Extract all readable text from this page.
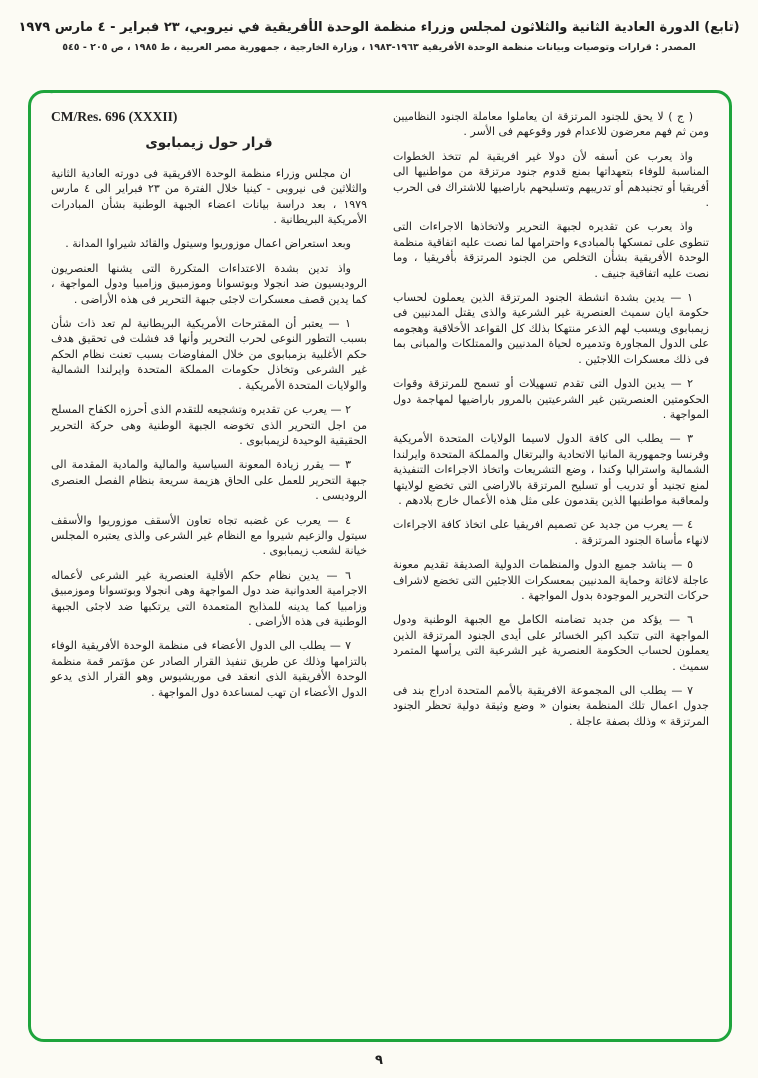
(تابع) الدورة العادية الثانية والثلاثون لمجلس وزراء منظمة الوحدة الأفريقية في نيروبي، ٢٣ فبراير - ٤ مارس ١٩٧٩
المصدر : قرارات وتوصيات وبيانات منظمة الوحدة الأفريقية ١٩٦٣-١٩٨٣ ، وزارة الخارجية ، جمهورية مصر العربية ، ط ١٩٨٥ ، ص ٢٠٥ - ٥٤٥

( ج ) لا يحق للجنود المرتزقة ان يعاملوا معاملة الجنود النظاميين ومن ثم فهم معرضون للاعدام فور وقوعهم فى الأسر .

واذ يعرب عن أسفه لأن دولا غير افريقية لم تتخذ الخطوات المناسبة للوفاء بتعهداتها بمنع قدوم جنود مرتزقة من مواطنيها الى أفريقيا أو تجنيدهم أو تدريبهم وتسليحهم باراضيها للاشتراك فى الحرب .

واذ يعرب عن تقديره لجبهة التحرير ولاتخاذها الاجراءات التى تنطوى على تمسكها بالمبادىء واحترامها لما نصت عليه اتفاقية منظمة الوحدة الأفريقية بشأن التخلص من الجنود المرتزقة بأفريقيا ، وما نصت عليه اتفاقية جنيف .

١ — يدين بشدة انشطة الجنود المرتزقة الذين يعملون لحساب حكومة ايان سميث العنصرية غير الشرعية والذى يقتل المدنيين فى زيمبابوى ويسبب لهم الذعر منتهكا بذلك كل القواعد الأخلاقية وهجومه على الدول المجاورة وتدميره لحياة المدنيين والممتلكات والمبانى بما فى ذلك معسكرات اللاجئين .

٢ — يدين الدول التى تقدم تسهيلات أو تسمح للمرتزقة وقوات الحكومتين العنصريتين غير الشرعيتين بالمرور باراضيها لمهاجمة دول المواجهة .

٣ — يطلب الى كافة الدول لاسيما الولايات المتحدة الأمريكية وفرنسا وجمهورية المانيا الاتحادية والبرتغال والمملكة المتحدة وايرلندا الشمالية واستراليا وكندا ، وضع التشريعات واتخاذ الاجراءات التنفيذية لمنع تجنيد أو تدريب أو تسليح المرتزقة بالاراضى التى تخضع لولايتها ولمعاقبة مواطنيها الذين يقدمون على مثل هذه الأعمال خارج بلادهم .

٤ — يعرب من جديد عن تصميم افريقيا على اتخاذ كافة الاجراءات لانهاء مأساة الجنود المرتزقة .

٥ — يناشد جميع الدول والمنظمات الدولية الصديقة تقديم معونة عاجلة لاغاثة وحماية المدنيين بمعسكرات اللاجئين التى تخضع لاشراف حركات التحرير الموجودة بدول المواجهة .

٦ — يؤكد من جديد تضامنه الكامل مع الجبهة الوطنية ودول المواجهة التى تتكبد اكبر الخسائر على أيدى الجنود المرتزقة الذين يعملون لحساب الحكومة العنصرية غير الشرعية التى يرأسها المتمرد سميث .

٧ — يطلب الى المجموعة الافريقية بالأمم المتحدة ادراج بند فى جدول اعمال تلك المنظمة بعنوان « وضع وثيقة دولية تحظر الجنود المرتزقة » وذلك بصفة عاجلة .

CM/Res. 696 (XXXII)
قرار حول زيمبابوى

ان مجلس وزراء منظمة الوحدة الافريقية فى دورته العادية الثانية والثلاثين فى نيروبى - كينيا خلال الفترة من ٢٣ فبراير الى ٤ مارس ١٩٧٩ ، بعد دراسة بيانات اعضاء الجبهة الوطنية بشأن المبادرات الأمريكية البريطانية .

وبعد استعراض اعمال موزوريوا وسيتول والقائد شيراوا المدانة .

واذ تدين بشدة الاعتداءات المتكررة التى يشنها العنصريون الروديسيون ضد انجولا وبوتسوانا وموزمبيق وزامبيا ودول المواجهة ، كما يدين قصف معسكرات لاجئى جبهة التحرير فى هذه الأراضى .

١ — يعتبر أن المقترحات الأمريكية البريطانية لم تعد ذات شأن بسبب التطور النوعى لحرب التحرير وأنها قد فشلت فى تحقيق هدف حكم الأغلبية بزمبابوى من خلال المفاوضات بسبب تعنت نظام الحكم غير الشرعى وتخاذل حكومات المملكة المتحدة وايرلندا الشمالية والولايات المتحدة الأمريكية .

٢ — يعرب عن تقديره وتشجيعه للتقدم الذى أحرزه الكفاح المسلح من اجل التحرير الذى تخوضه الجبهة الوطنية وهى حركة التحرير الحقيقية الوحيدة لزيمبابوى .

٣ — يقرر زيادة المعونة السياسية والمالية والمادية المقدمة الى جبهة التحرير للعمل على الحاق هزيمة سريعة بنظام الفصل العنصرى الروديسى .

٤ — يعرب عن غضبه تجاه تعاون الأسقف موزوريوا والأسقف سيتول والزعيم شيروا مع النظام غير الشرعى والذى يعتبره المجلس خيانة لشعب زيمبابوى .

٦ — يدين نظام حكم الأقلية العنصرية غير الشرعى لأعماله الاجرامية العدوانية ضد دول المواجهة وهى انجولا وبوتسوانا وموزمبيق وزامبيا كما يدينه للمذابح المتعمدة التى يرتكبها ضد لاجئى الجبهة الوطنية فى هذه الأراضى .

٧ — يطلب الى الدول الأعضاء فى منظمة الوحدة الأفريقية الوفاء بالتزامها وذلك عن طريق تنفيذ القرار الصادر عن مؤتمر قمة منظمة الوحدة الأفريقية الذى انعقد فى موريشيوس وهو القرار الذى يدعو الدول الأعضاء ان تهب لمساعدة دول المواجهة .

٩
